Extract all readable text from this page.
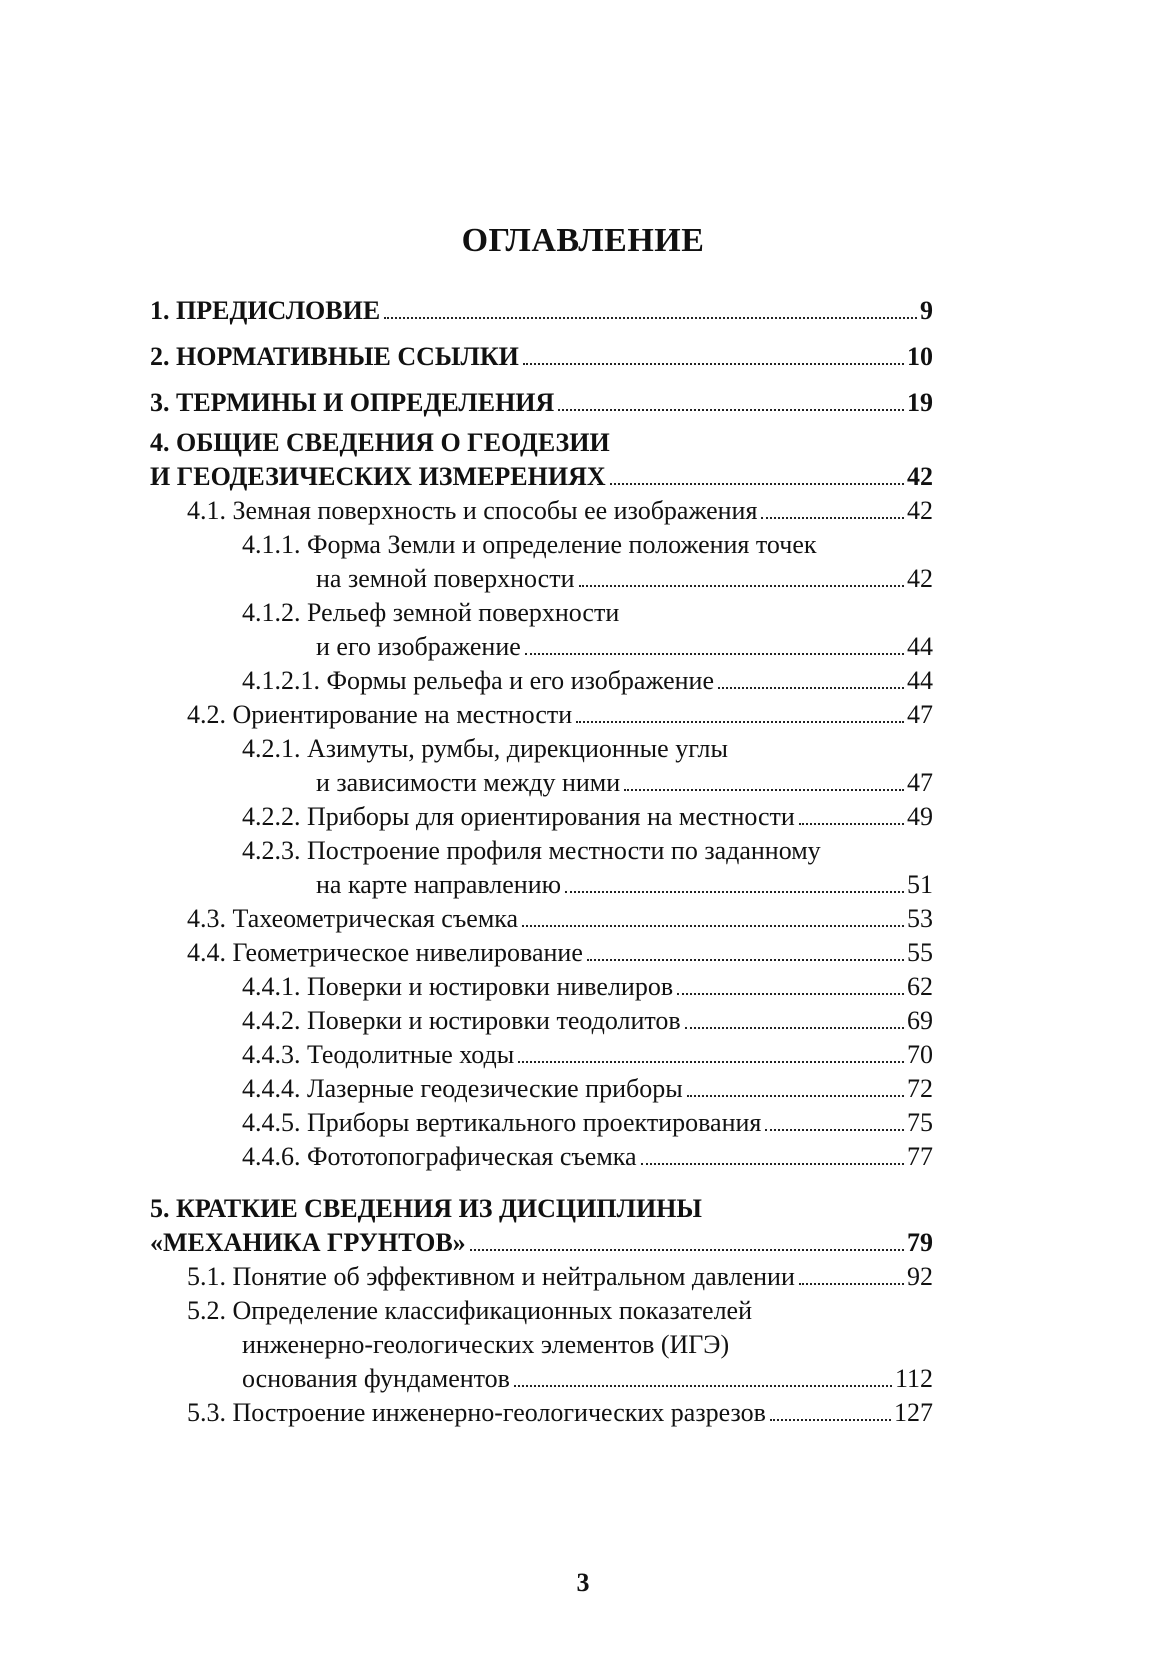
ОГЛАВЛЕНИЕ
1. ПРЕДИСЛОВИЕ	9
2. НОРМАТИВНЫЕ ССЫЛКИ	10
3. ТЕРМИНЫ И ОПРЕДЕЛЕНИЯ	19
4. ОБЩИЕ СВЕДЕНИЯ О ГЕОДЕЗИИ
И ГЕОДЕЗИЧЕСКИХ ИЗМЕРЕНИЯХ	42
4.1. Земная поверхность и способы ее изображения	42
4.1.1. Форма Земли и определение положения точек
на земной поверхности	42
4.1.2. Рельеф земной поверхности
и его изображение	44
4.1.2.1. Формы рельефа и его изображение	44
4.2. Ориентирование на местности	47
4.2.1. Азимуты, румбы, дирекционные углы
и зависимости между ними	47
4.2.2. Приборы для ориентирования на местности	49
4.2.3. Построение профиля местности по заданному
на карте направлению	51
4.3. Тахеометрическая съемка	53
4.4. Геометрическое нивелирование	55
4.4.1. Поверки и юстировки нивелиров	62
4.4.2. Поверки и юстировки теодолитов	69
4.4.3. Теодолитные ходы	70
4.4.4. Лазерные геодезические приборы	72
4.4.5. Приборы вертикального проектирования	75
4.4.6. Фототопографическая съемка	77
5. КРАТКИЕ СВЕДЕНИЯ ИЗ ДИСЦИПЛИНЫ
«МЕХАНИКА ГРУНТОВ»	79
5.1. Понятие об эффективном и нейтральном давлении	92
5.2. Определение классификационных показателей
инженерно-геологических элементов (ИГЭ)
основания фундаментов	112
5.3. Построение инженерно-геологических разрезов	127
3
